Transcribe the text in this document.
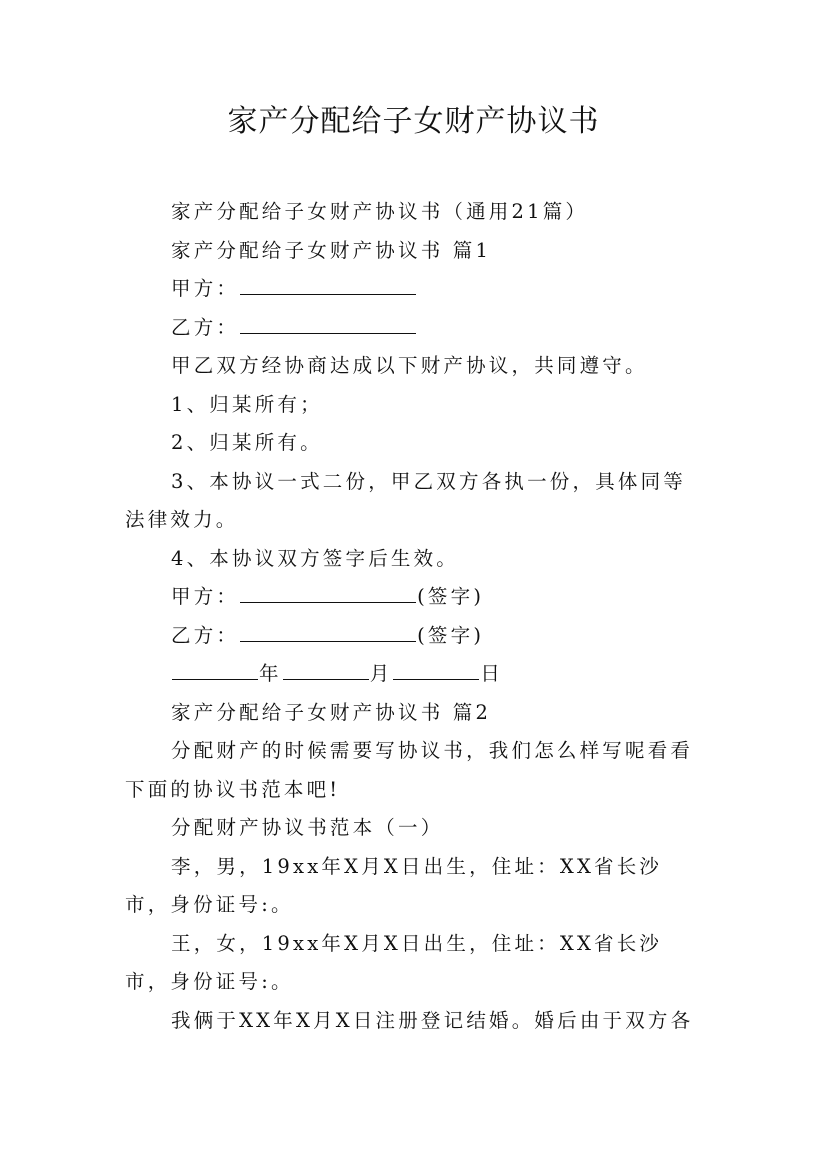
家产分配给子女财产协议书

家产分配给子女财产协议书（通用21篇）

家产分配给子女财产协议书 篇1

甲方：

乙方：

甲乙双方经协商达成以下财产协议，共同遵守。

1、归某所有；

2、归某所有。

3、本协议一式二份，甲乙双方各执一份，具体同等法律效力。

4、本协议双方签字后生效。

甲方：	(签字)

乙方：	(签字)

年	月	日

家产分配给子女财产协议书 篇2

分配财产的时候需要写协议书，我们怎么样写呢看看下面的协议书范本吧!

分配财产协议书范本（一）

李，男，19xx年X月X日出生，住址：XX省长沙市，身份证号:。

王，女，19xx年X月X日出生，住址：XX省长沙市，身份证号:。

我俩于XX年X月X日注册登记结婚。婚后由于双方各
